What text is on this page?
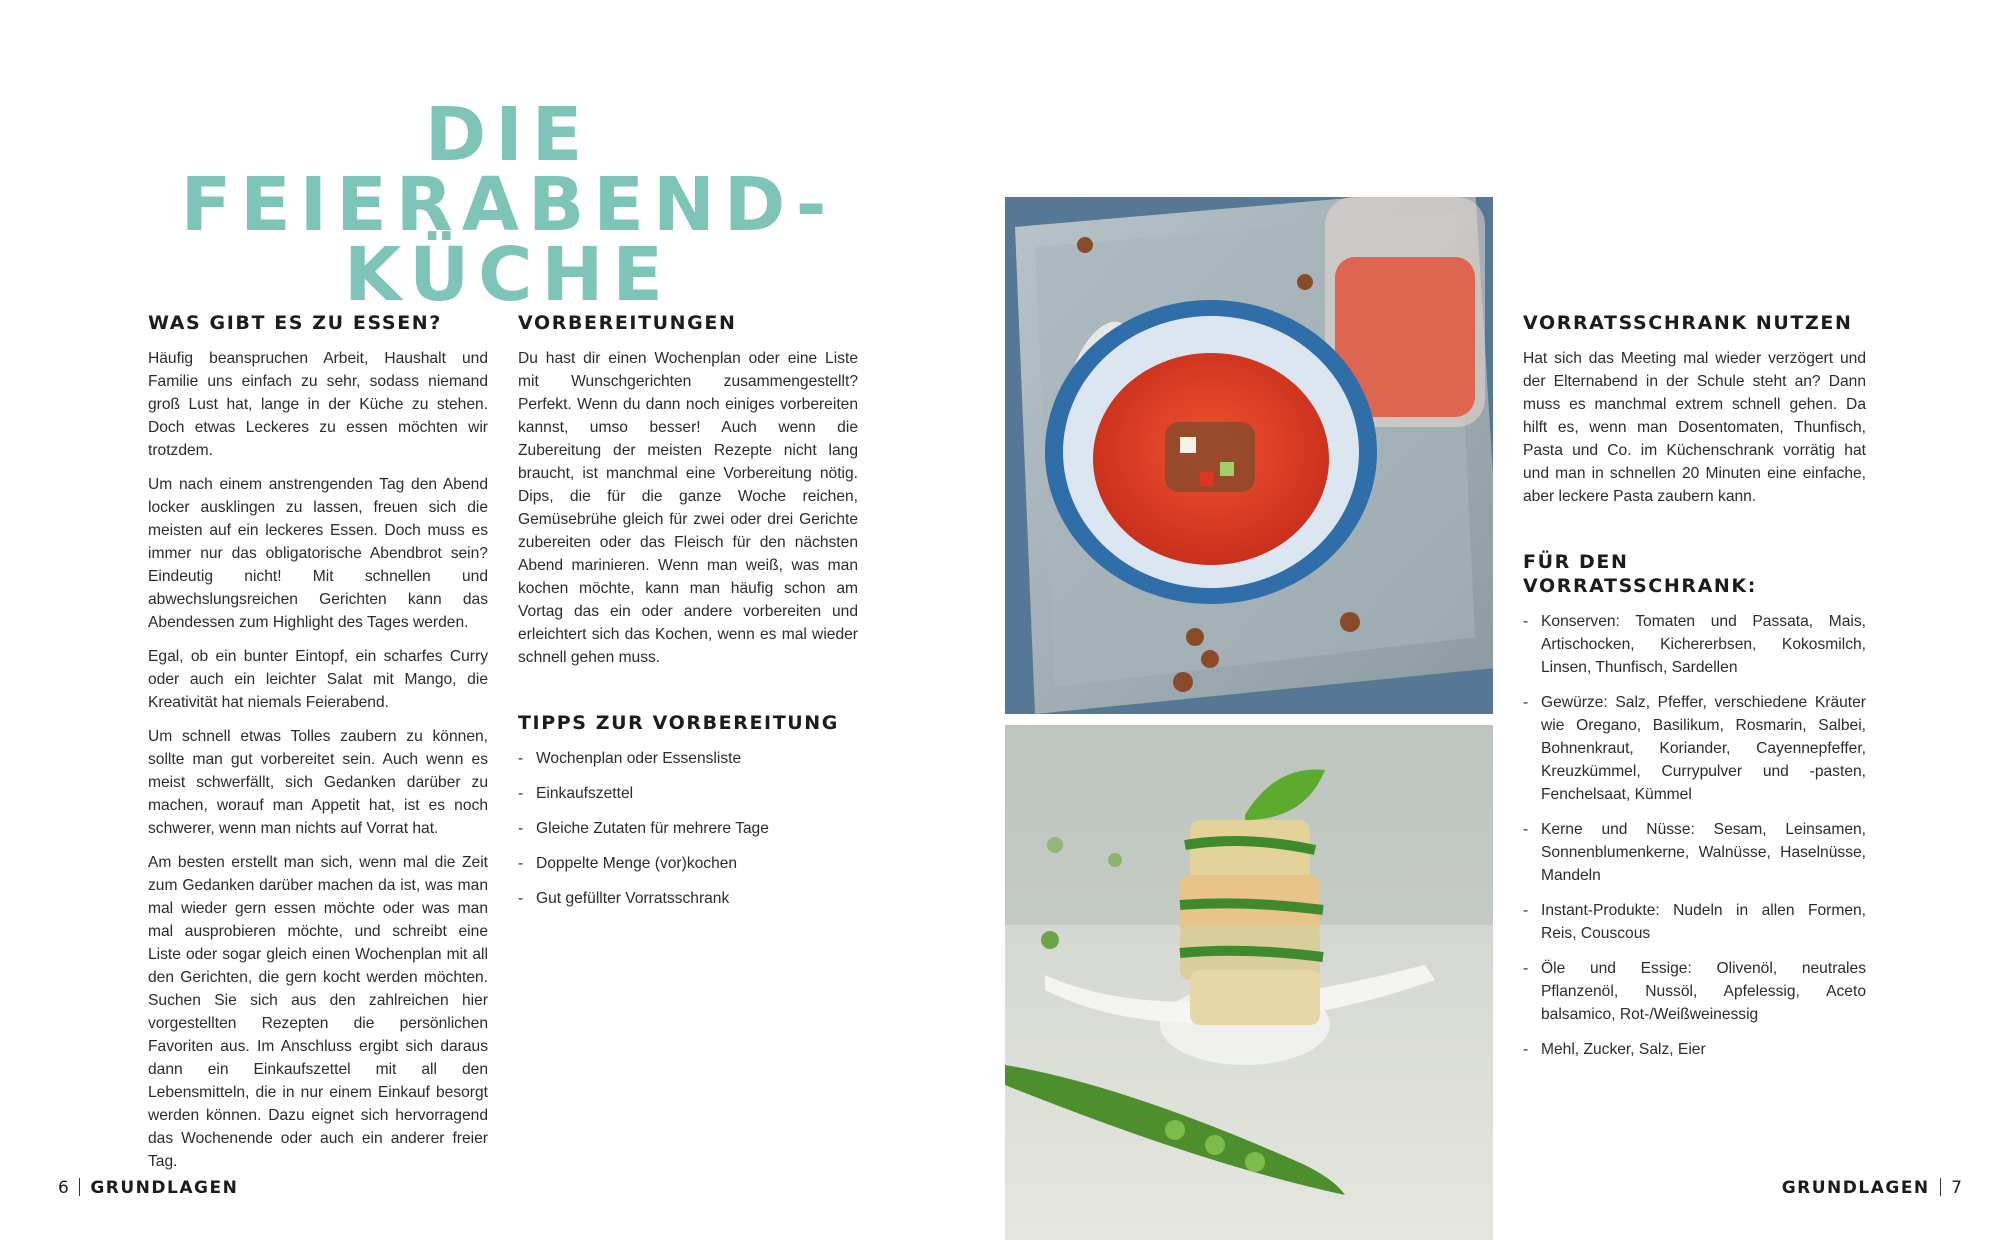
DIE FEIERABEND-
KÜCHE
WAS GIBT ES ZU ESSEN?

Häufig beanspruchen Arbeit, Haushalt und Familie uns einfach zu sehr, sodass niemand groß Lust hat, lange in der Küche zu stehen. Doch etwas Leckeres zu essen möchten wir trotzdem.

Um nach einem anstrengenden Tag den Abend locker ausklingen zu lassen, freuen sich die meisten auf ein leckeres Essen. Doch muss es immer nur das obligatorische Abendbrot sein? Eindeutig nicht! Mit schnellen und abwechslungsreichen Gerichten kann das Abendessen zum Highlight des Tages werden.

Egal, ob ein bunter Eintopf, ein scharfes Curry oder auch ein leichter Salat mit Mango, die Kreativität hat niemals Feierabend.

Um schnell etwas Tolles zaubern zu können, sollte man gut vorbereitet sein. Auch wenn es meist schwerfällt, sich Gedanken darüber zu machen, worauf man Appetit hat, ist es noch schwerer, wenn man nichts auf Vorrat hat.

Am besten erstellt man sich, wenn mal die Zeit zum Gedanken darüber machen da ist, was man mal wieder gern essen möchte oder was man mal ausprobieren möchte, und schreibt eine Liste oder sogar gleich einen Wochenplan mit all den Gerichten, die gern kocht werden möchten. Suchen Sie sich aus den zahlreichen hier vorgestellten Rezepten die persönlichen Favoriten aus. Im Anschluss ergibt sich daraus dann ein Einkaufszettel mit all den Lebensmitteln, die in nur einem Einkauf besorgt werden können. Dazu eignet sich hervorragend das Wochenende oder auch ein anderer freier Tag.

VORBEREITUNGEN

Du hast dir einen Wochenplan oder eine Liste mit Wunschgerichten zusammengestellt? Perfekt. Wenn du dann noch einiges vorbereiten kannst, umso besser! Auch wenn die Zubereitung der meisten Rezepte nicht lang braucht, ist manchmal eine Vorbereitung nötig. Dips, die für die ganze Woche reichen, Gemüsebrühe gleich für zwei oder drei Gerichte zubereiten oder das Fleisch für den nächsten Abend marinieren. Wenn man weiß, was man kochen möchte, kann man häufig schon am Vortag das ein oder andere vorbereiten und erleichtert sich das Kochen, wenn es mal wieder schnell gehen muss.

TIPPS ZUR VORBEREITUNG
- Wochenplan oder Essensliste
- Einkaufszettel
- Gleiche Zutaten für mehrere Tage
- Doppelte Menge (vor)kochen
- Gut gefüllter Vorratsschrank
VORRATSSCHRANK NUTZEN

Hat sich das Meeting mal wieder verzögert und der Elternabend in der Schule steht an? Dann muss es manchmal extrem schnell gehen. Da hilft es, wenn man Dosentomaten, Thunfisch, Pasta und Co. im Küchenschrank vorrätig hat und man in schnellen 20 Minuten eine einfache, aber leckere Pasta zaubern kann.

FÜR DEN VORRATSSCHRANK:
- Konserven: Tomaten und Passata, Mais, Artischocken, Kichererbsen, Kokosmilch, Linsen, Thunfisch, Sardellen
- Gewürze: Salz, Pfeffer, verschiedene Kräuter wie Oregano, Basilikum, Rosmarin, Salbei, Bohnenkraut, Koriander, Cayennepfeffer, Kreuzkümmel, Currypulver und -pasten, Fenchelsaat, Kümmel
- Kerne und Nüsse: Sesam, Leinsamen, Sonnenblumenkerne, Walnüsse, Haselnüsse, Mandeln
- Instant-Produkte: Nudeln in allen Formen, Reis, Couscous
- Öle und Essige: Olivenöl, neutrales Pflanzenöl, Nussöl, Apfelessig, Aceto balsamico, Rot-/Weißweinessig
- Mehl, Zucker, Salz, Eier
6 GRUNDLAGEN	GRUNDLAGEN 7
